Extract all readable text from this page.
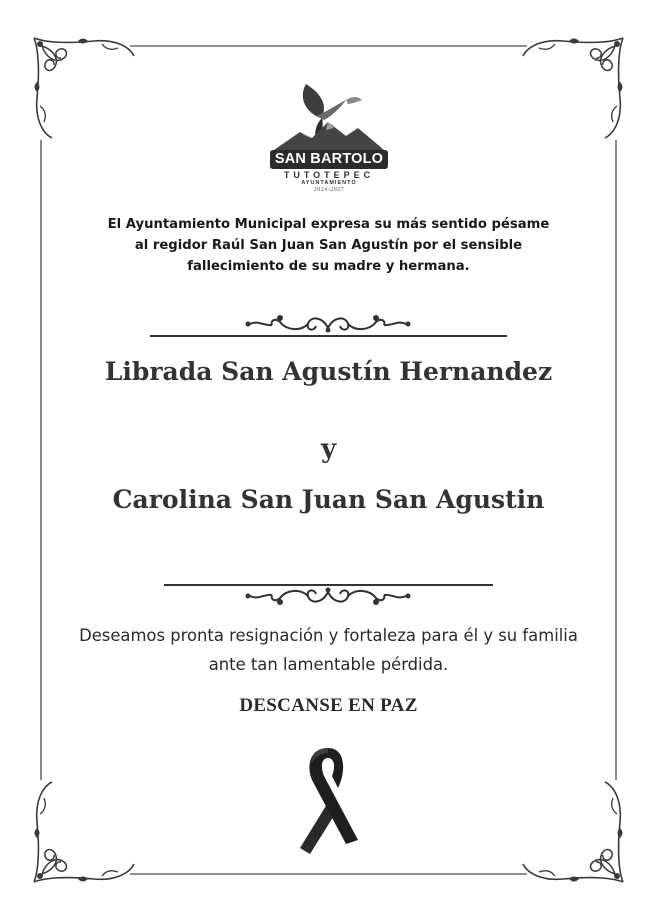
SAN BARTOLO
TUTOTEPEC
AYUNTAMIENTO
2024-2027

El Ayuntamiento Municipal expresa su más sentido pésame al regidor Raúl San Juan San Agustín por el sensible fallecimiento de su madre y hermana.

Librada San Agustín Hernandez

y

Carolina San Juan San Agustin

Deseamos pronta resignación y fortaleza para él y su familia ante tan lamentable pérdida.

DESCANSE EN PAZ
